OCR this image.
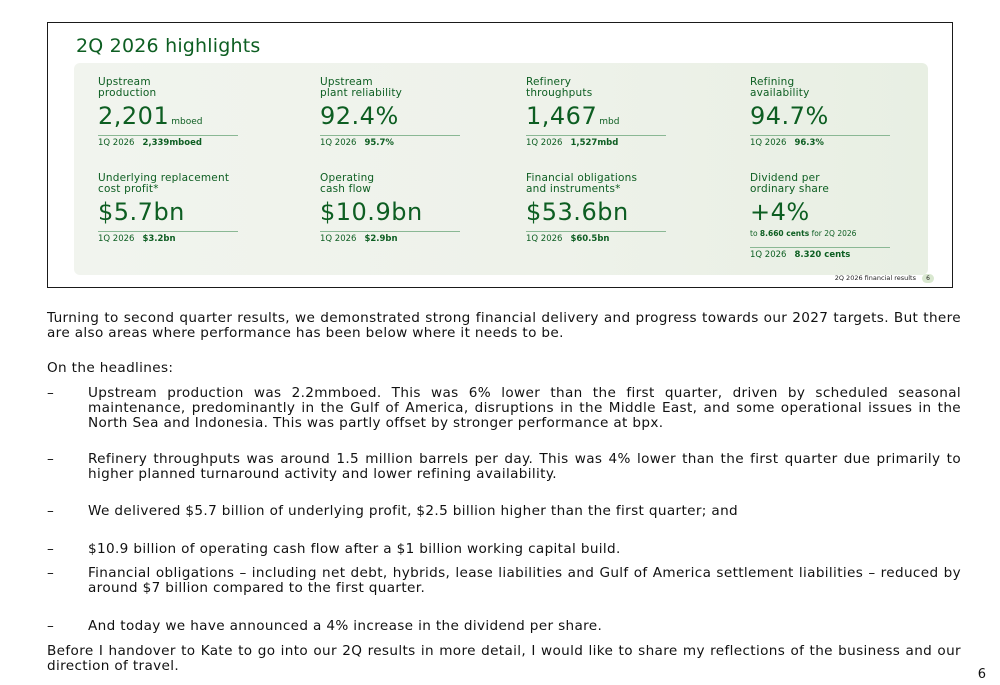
2Q 2026 highlights
Upstream
production
2,201 mboed
1Q 2026 2,339mboed
Upstream
plant reliability
92.4%
1Q 2026 95.7%
Refinery
throughputs
1,467 mbd
1Q 2026 1,527mbd
Refining
availability
94.7%
1Q 2026 96.3%
Underlying replacement
cost profit*
$5.7bn
1Q 2026 $3.2bn
Operating
cash flow
$10.9bn
1Q 2026 $2.9bn
Financial obligations
and instruments*
$53.6bn
1Q 2026 $60.5bn
Dividend per
ordinary share
+4%
to 8.660 cents for 2Q 2026
1Q 2026 8.320 cents
2Q 2026 financial results 6

Turning to second quarter results, we demonstrated strong financial delivery and progress towards our 2027 targets. But there are also areas where performance has been below where it needs to be.

On the headlines:

– Upstream production was 2.2mmboed. This was 6% lower than the first quarter, driven by scheduled seasonal maintenance, predominantly in the Gulf of America, disruptions in the Middle East, and some operational issues in the North Sea and Indonesia. This was partly offset by stronger performance at bpx.
– Refinery throughputs was around 1.5 million barrels per day. This was 4% lower than the first quarter due primarily to higher planned turnaround activity and lower refining availability.
– We delivered $5.7 billion of underlying profit, $2.5 billion higher than the first quarter; and
– $10.9 billion of operating cash flow after a $1 billion working capital build.
– Financial obligations – including net debt, hybrids, lease liabilities and Gulf of America settlement liabilities – reduced by around $7 billion compared to the first quarter.
– And today we have announced a 4% increase in the dividend per share.

Before I handover to Kate to go into our 2Q results in more detail, I would like to share my reflections of the business and our direction of travel.

6
